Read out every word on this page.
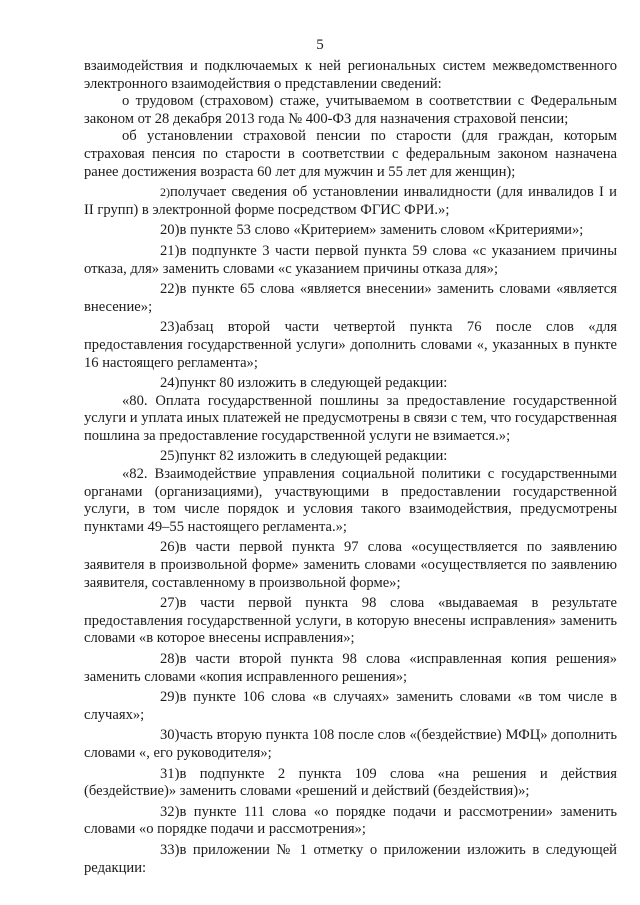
5

взаимодействия и подключаемых к ней региональных систем межведомственного электронного взаимодействия о представлении сведений:

о трудовом (страховом) стаже, учитываемом в соответствии с Федеральным законом от 28 декабря 2013 года № 400-ФЗ для назначения страховой пенсии;

об установлении страховой пенсии по старости (для граждан, которым страховая пенсия по старости в соответствии с федеральным законом назначена ранее достижения возраста 60 лет для мужчин и 55 лет для женщин);

2)получает сведения об установлении инвалидности (для инвалидов I и II групп) в электронной форме посредством ФГИС ФРИ.»;

20)в пункте 53 слово «Критерием» заменить словом «Критериями»;

21)в подпункте 3 части первой пункта 59 слова «с указанием причины отказа, для» заменить словами «с указанием причины отказа для»;

22)в пункте 65 слова «является внесении» заменить словами «является внесение»;

23)абзац второй части четвертой пункта 76 после слов «для предоставления государственной услуги» дополнить словами «, указанных в пункте 16 настоящего регламента»;

24)пункт 80 изложить в следующей редакции:

«80. Оплата государственной пошлины за предоставление государственной услуги и уплата иных платежей не предусмотрены в связи с тем, что государственная пошлина за предоставление государственной услуги не взимается.»;

25)пункт 82 изложить в следующей редакции:

«82. Взаимодействие управления социальной политики с государственными органами (организациями), участвующими в предоставлении государственной услуги, в том числе порядок и условия такого взаимодействия, предусмотрены пунктами 49–55 настоящего регламента.»;

26)в части первой пункта 97 слова «осуществляется по заявлению заявителя в произвольной форме» заменить словами «осуществляется по заявлению заявителя, составленному в произвольной форме»;

27)в части первой пункта 98 слова «выдаваемая в результате предоставления государственной услуги, в которую внесены исправления» заменить словами «в которое внесены исправления»;

28)в части второй пункта 98 слова «исправленная копия решения» заменить словами «копия исправленного решения»;

29)в пункте 106 слова «в случаях» заменить словами «в том числе в случаях»;

30)часть вторую пункта 108 после слов «(бездействие) МФЦ» дополнить словами «, его руководителя»;

31)в подпункте 2 пункта 109 слова «на решения и действия (бездействие)» заменить словами «решений и действий (бездействия)»;

32)в пункте 111 слова «о порядке подачи и рассмотрении» заменить словами «о порядке подачи и рассмотрения»;

33)в приложении № 1 отметку о приложении изложить в следующей редакции:
